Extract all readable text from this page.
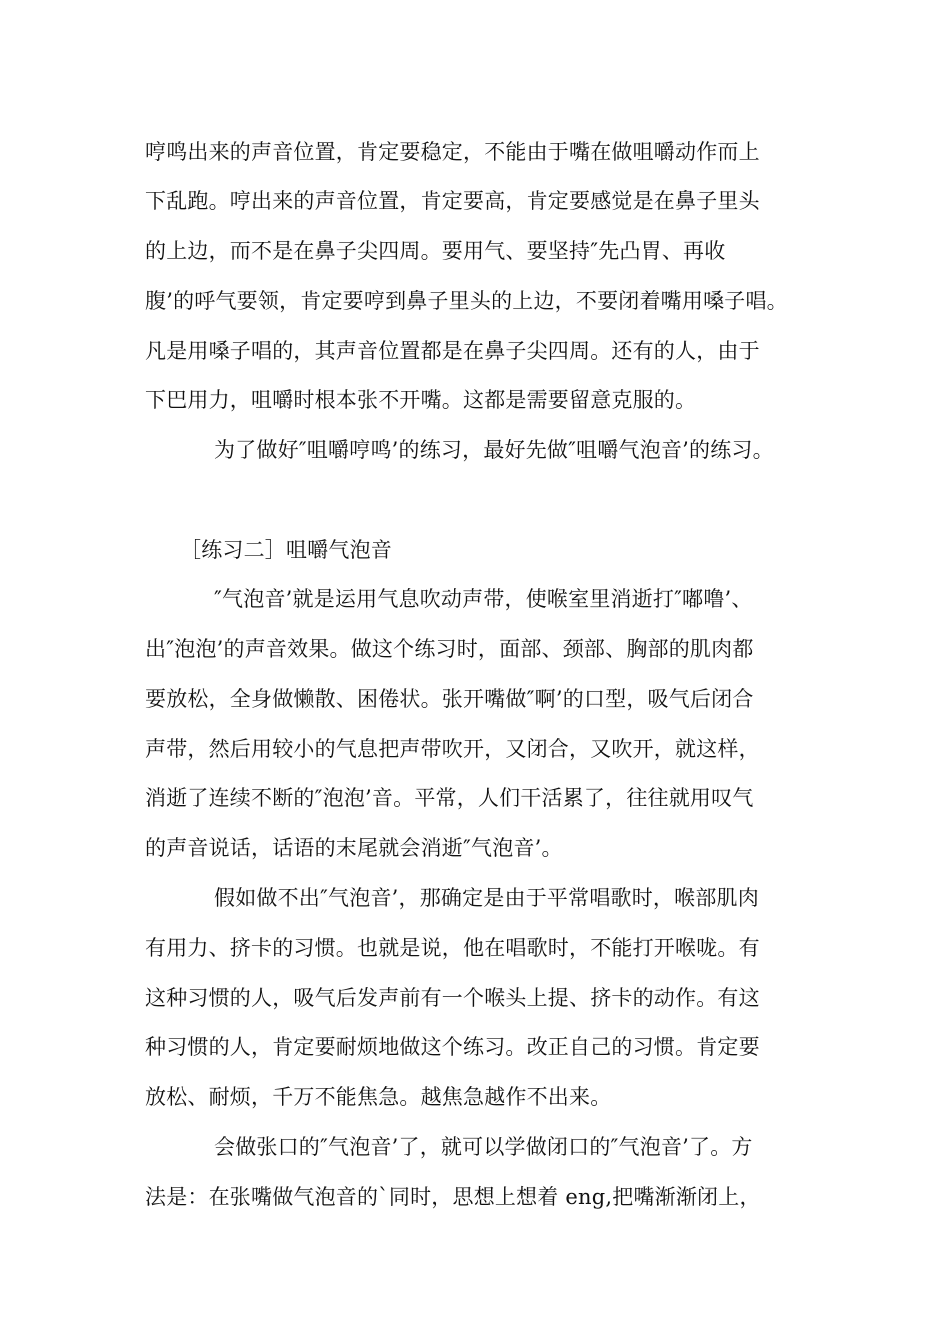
哼鸣出来的声音位置，肯定要稳定，不能由于嘴在做咀嚼动作而上
下乱跑。哼出来的声音位置，肯定要高，肯定要感觉是在鼻子里头
的上边，而不是在鼻子尖四周。要用气、要坚持″先凸胃、再收
腹’的呼气要领，肯定要哼到鼻子里头的上边，不要闭着嘴用嗓子唱。
凡是用嗓子唱的，其声音位置都是在鼻子尖四周。还有的人，由于
下巴用力，咀嚼时根本张不开嘴。这都是需要留意克服的。
为了做好″咀嚼哼鸣’的练习，最好先做″咀嚼气泡音’的练习。
［练习二］咀嚼气泡音
″气泡音’就是运用气息吹动声带，使喉室里消逝打″嘟噜’、
出″泡泡’的声音效果。做这个练习时，面部、颈部、胸部的肌肉都
要放松，全身做懒散、困倦状。张开嘴做″啊’的口型，吸气后闭合
声带，然后用较小的气息把声带吹开，又闭合，又吹开，就这样，
消逝了连续不断的″泡泡’音。平常，人们干活累了，往往就用叹气
的声音说话，话语的末尾就会消逝″气泡音’。
假如做不出″气泡音’，那确定是由于平常唱歌时，喉部肌肉
有用力、挤卡的习惯。也就是说，他在唱歌时，不能打开喉咙。有
这种习惯的人，吸气后发声前有一个喉头上提、挤卡的动作。有这
种习惯的人，肯定要耐烦地做这个练习。改正自己的习惯。肯定要
放松、耐烦，千万不能焦急。越焦急越作不出来。
会做张口的″气泡音’了，就可以学做闭口的″气泡音’了。方
法是：在张嘴做气泡音的`同时，思想上想着 eng,把嘴渐渐闭上，
